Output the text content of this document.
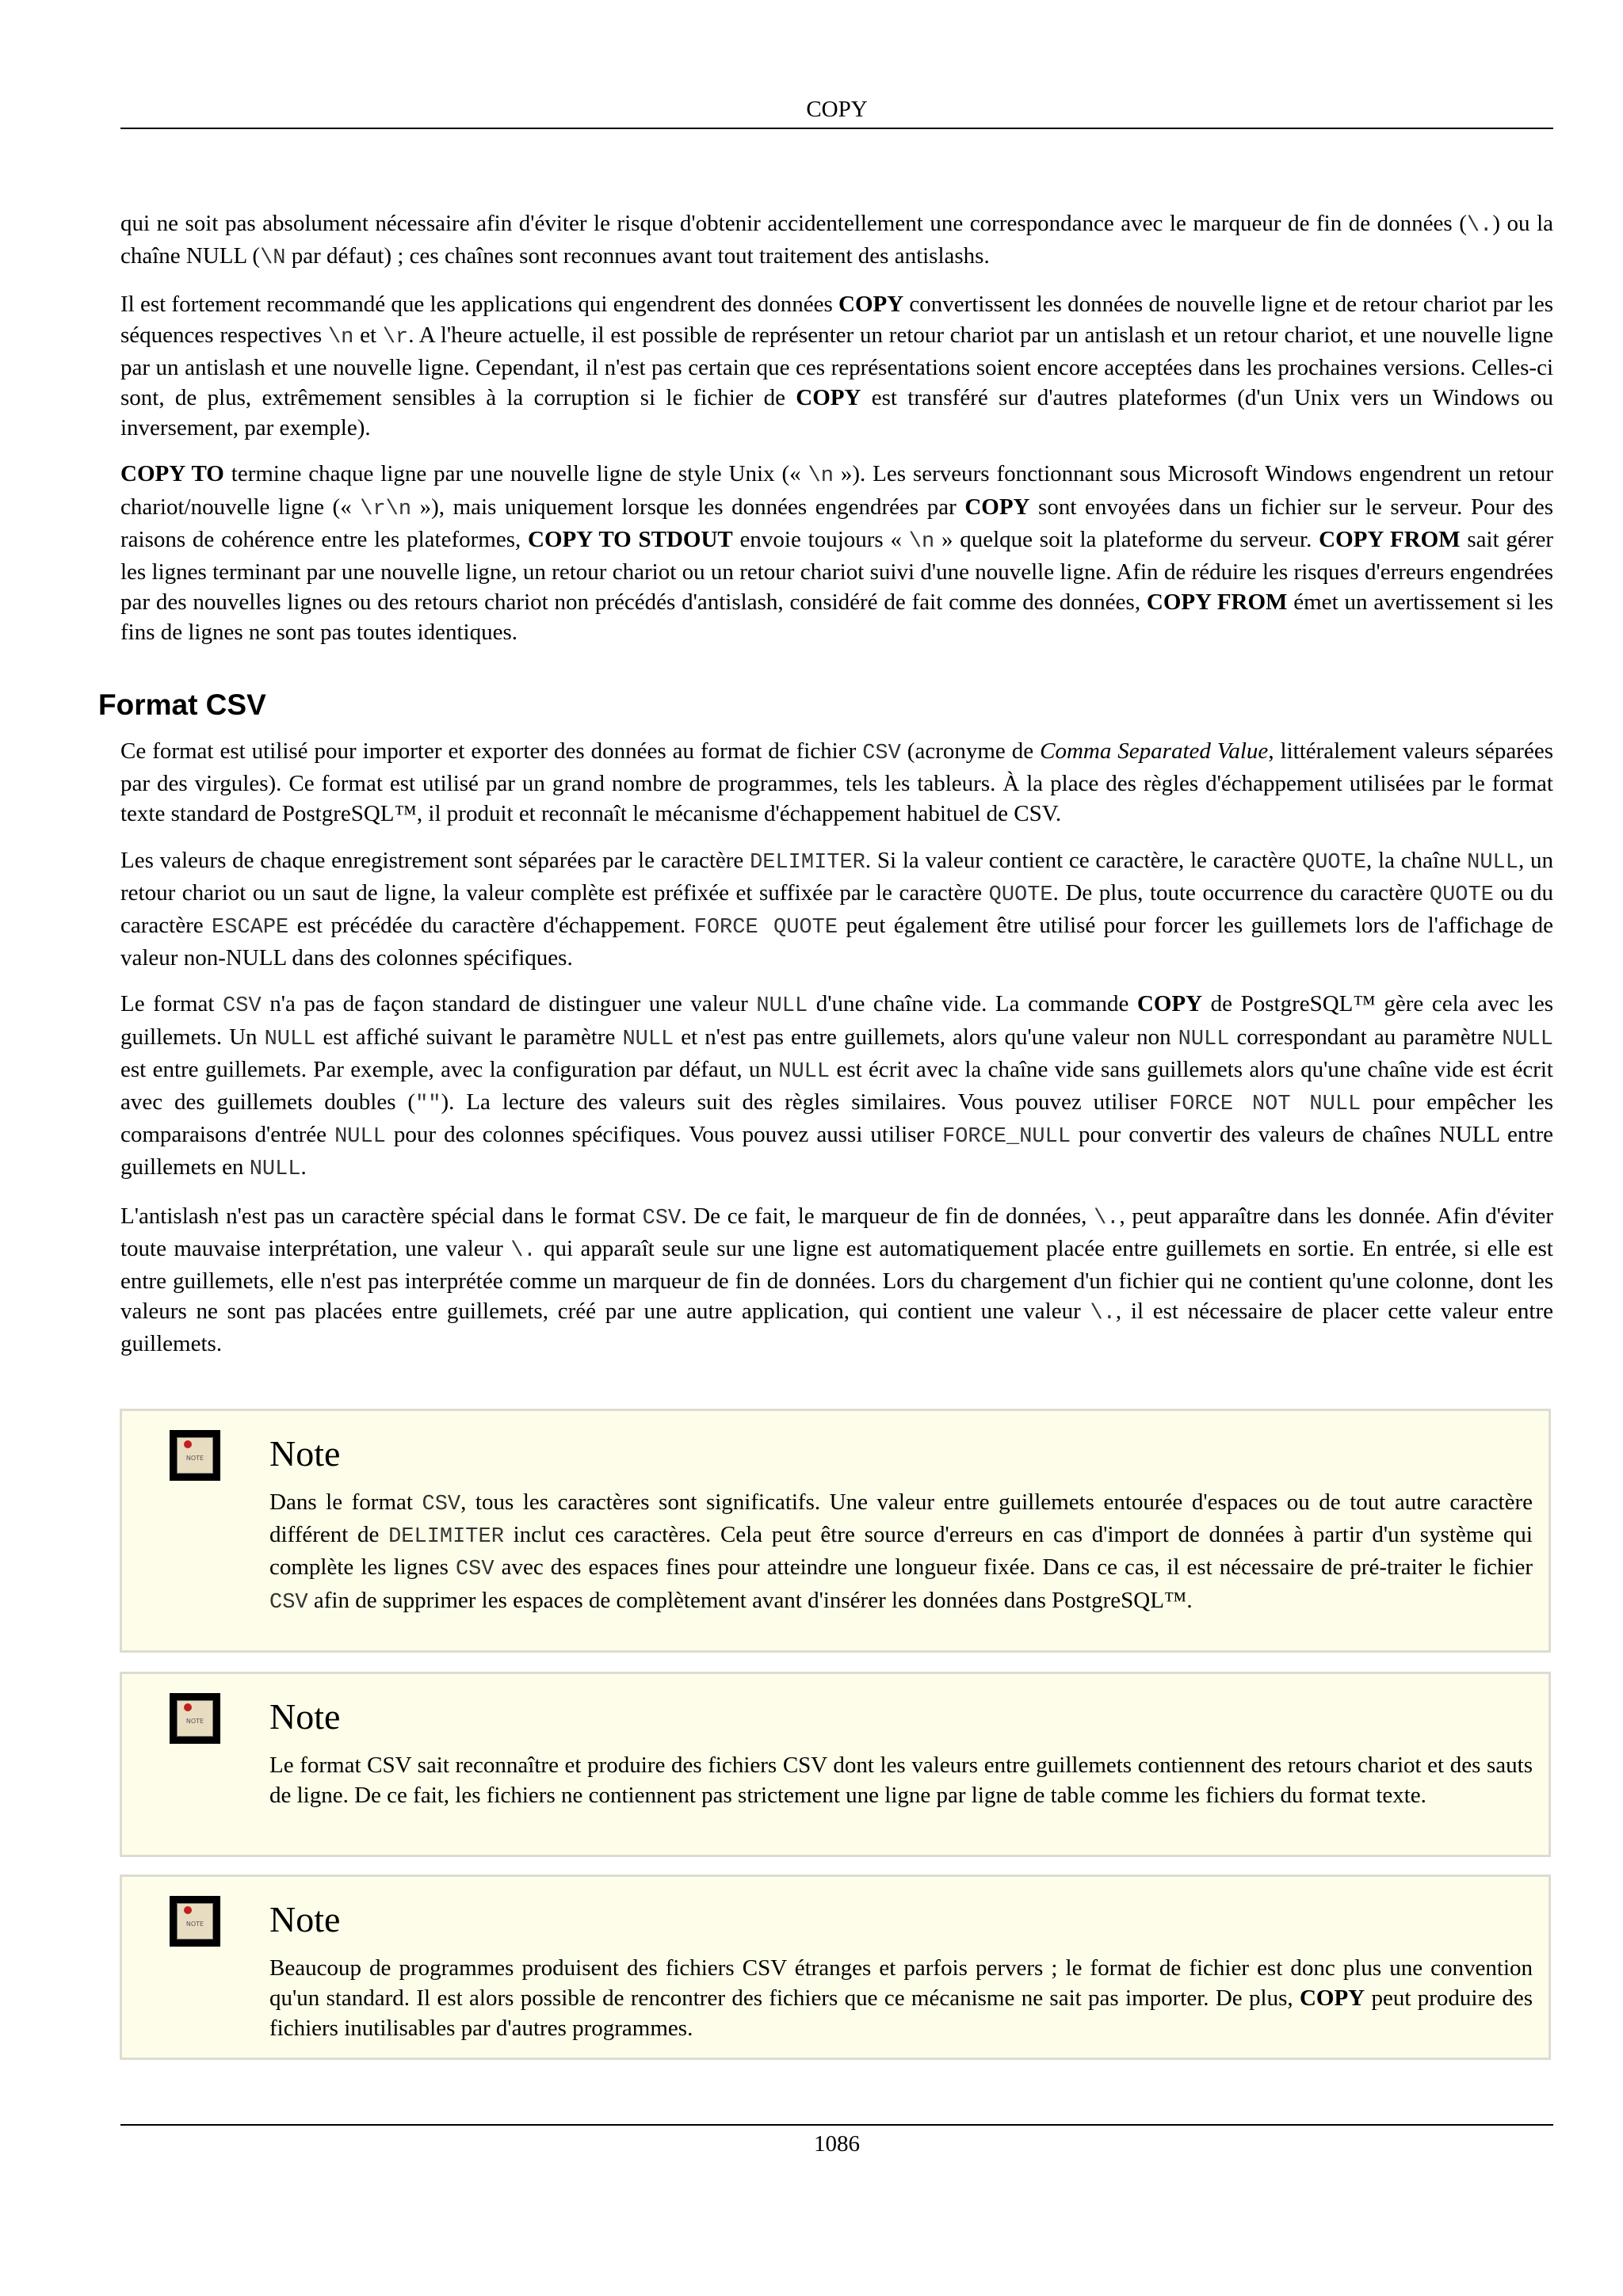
COPY

qui ne soit pas absolument nécessaire afin d'éviter le risque d'obtenir accidentellement une correspondance avec le marqueur de fin de données (\.) ou la chaîne NULL (\N par défaut) ; ces chaînes sont reconnues avant tout traitement des antislashs.

Il est fortement recommandé que les applications qui engendrent des données COPY convertissent les données de nouvelle ligne et de retour chariot par les séquences respectives \n et \r. A l'heure actuelle, il est possible de représenter un retour chariot par un antislash et un retour chariot, et une nouvelle ligne par un antislash et une nouvelle ligne. Cependant, il n'est pas certain que ces représentations soient encore acceptées dans les prochaines versions. Celles-ci sont, de plus, extrêmement sensibles à la corruption si le fichier de COPY est transféré sur d'autres plateformes (d'un Unix vers un Windows ou inversement, par exemple).

COPY TO termine chaque ligne par une nouvelle ligne de style Unix (« \n »). Les serveurs fonctionnant sous Microsoft Windows engendrent un retour chariot/nouvelle ligne (« \r\n »), mais uniquement lorsque les données engendrées par COPY sont envoyées dans un fichier sur le serveur. Pour des raisons de cohérence entre les plateformes, COPY TO STDOUT envoie toujours « \n » quelque soit la plateforme du serveur. COPY FROM sait gérer les lignes terminant par une nouvelle ligne, un retour chariot ou un retour chariot suivi d'une nouvelle ligne. Afin de réduire les risques d'erreurs engendrées par des nouvelles lignes ou des retours chariot non précédés d'antislash, considéré de fait comme des données, COPY FROM émet un avertissement si les fins de lignes ne sont pas toutes identiques.

Format CSV

Ce format est utilisé pour importer et exporter des données au format de fichier CSV (acronyme de Comma Separated Value, littéralement valeurs séparées par des virgules). Ce format est utilisé par un grand nombre de programmes, tels les tableurs. À la place des règles d'échappement utilisées par le format texte standard de PostgreSQL™, il produit et reconnaît le mécanisme d'échappement habituel de CSV.

Les valeurs de chaque enregistrement sont séparées par le caractère DELIMITER. Si la valeur contient ce caractère, le caractère QUOTE, la chaîne NULL, un retour chariot ou un saut de ligne, la valeur complète est préfixée et suffixée par le caractère QUOTE. De plus, toute occurrence du caractère QUOTE ou du caractère ESCAPE est précédée du caractère d'échappement. FORCE QUOTE peut également être utilisé pour forcer les guillemets lors de l'affichage de valeur non-NULL dans des colonnes spécifiques.

Le format CSV n'a pas de façon standard de distinguer une valeur NULL d'une chaîne vide. La commande COPY de PostgreSQL™ gère cela avec les guillemets. Un NULL est affiché suivant le paramètre NULL et n'est pas entre guillemets, alors qu'une valeur non NULL correspondant au paramètre NULL est entre guillemets. Par exemple, avec la configuration par défaut, un NULL est écrit avec la chaîne vide sans guillemets alors qu'une chaîne vide est écrit avec des guillemets doubles (""). La lecture des valeurs suit des règles similaires. Vous pouvez utiliser FORCE NOT NULL pour empêcher les comparaisons d'entrée NULL pour des colonnes spécifiques. Vous pouvez aussi utiliser FORCE_NULL pour convertir des valeurs de chaînes NULL entre guillemets en NULL.

L'antislash n'est pas un caractère spécial dans le format CSV. De ce fait, le marqueur de fin de données, \., peut apparaître dans les donnée. Afin d'éviter toute mauvaise interprétation, une valeur \. qui apparaît seule sur une ligne est automatiquement placée entre guillemets en sortie. En entrée, si elle est entre guillemets, elle n'est pas interprétée comme un marqueur de fin de données. Lors du chargement d'un fichier qui ne contient qu'une colonne, dont les valeurs ne sont pas placées entre guillemets, créé par une autre application, qui contient une valeur \., il est nécessaire de placer cette valeur entre guillemets.

NOTE Note

Dans le format CSV, tous les caractères sont significatifs. Une valeur entre guillemets entourée d'espaces ou de tout autre caractère différent de DELIMITER inclut ces caractères. Cela peut être source d'erreurs en cas d'import de données à partir d'un système qui complète les lignes CSV avec des espaces fines pour atteindre une longueur fixée. Dans ce cas, il est nécessaire de pré-traiter le fichier CSV afin de supprimer les espaces de complètement avant d'insérer les données dans PostgreSQL™.

NOTE Note

Le format CSV sait reconnaître et produire des fichiers CSV dont les valeurs entre guillemets contiennent des retours chariot et des sauts de ligne. De ce fait, les fichiers ne contiennent pas strictement une ligne par ligne de table comme les fichiers du format texte.

NOTE Note

Beaucoup de programmes produisent des fichiers CSV étranges et parfois pervers ; le format de fichier est donc plus une convention qu'un standard. Il est alors possible de rencontrer des fichiers que ce mécanisme ne sait pas importer. De plus, COPY peut produire des fichiers inutilisables par d'autres programmes.

1086
